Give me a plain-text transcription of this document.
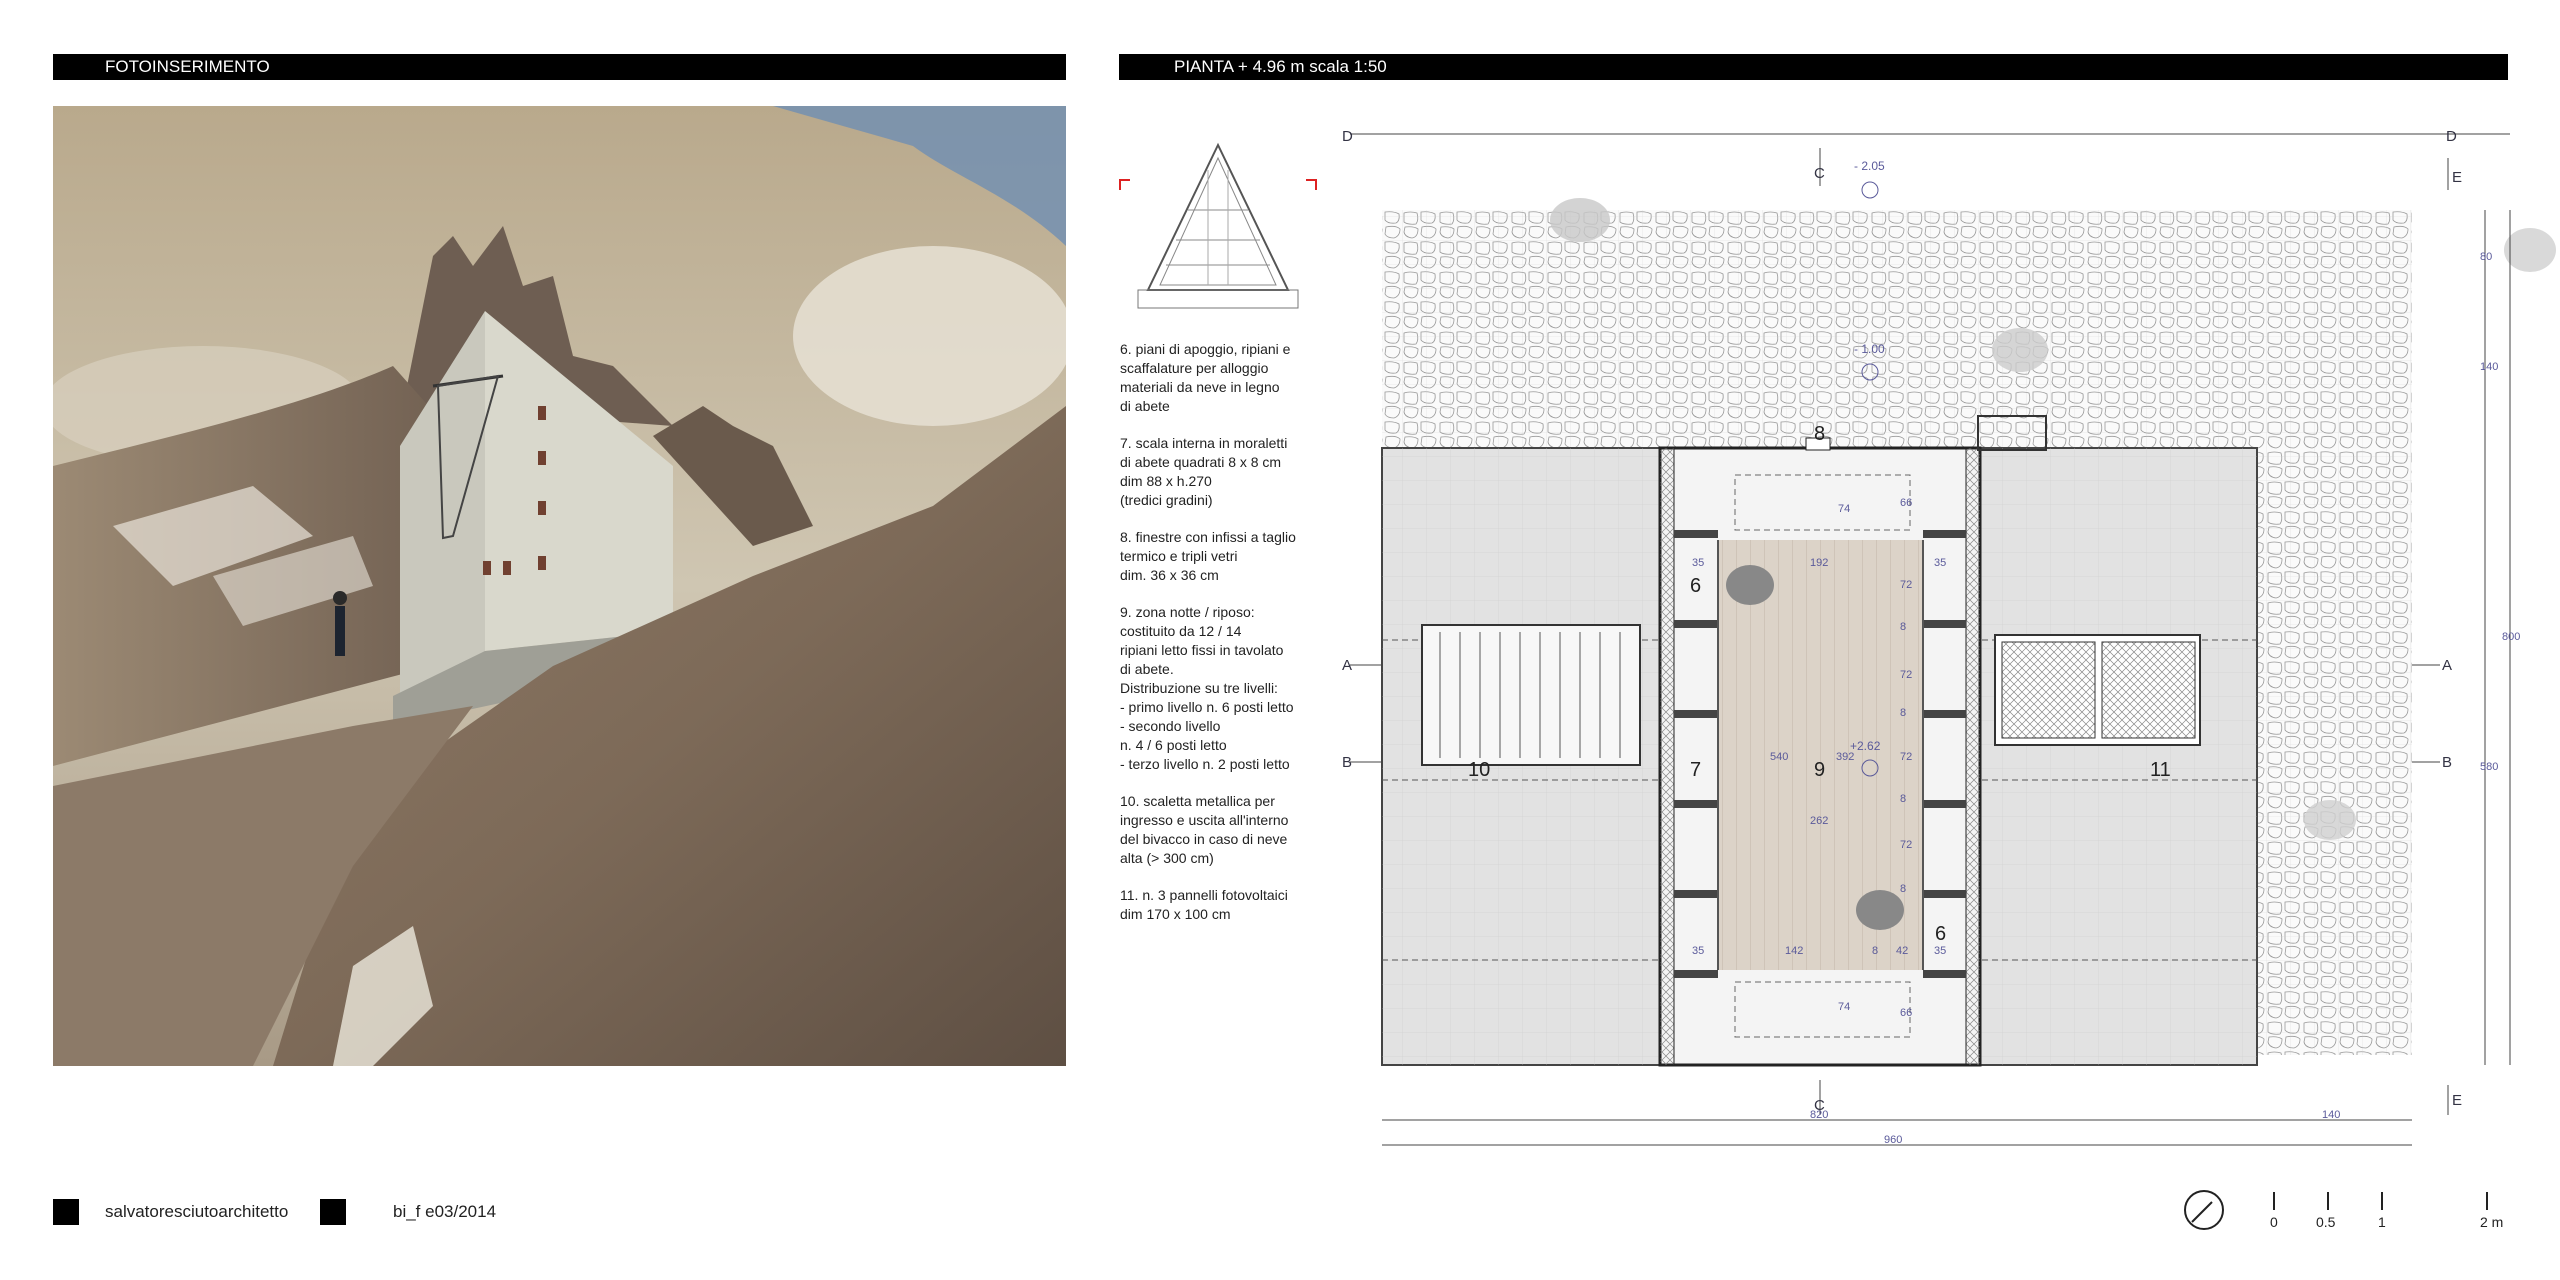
FOTOINSERIMENTO	PIANTA + 4.96 m scala 1:50
6. piani di apoggio, ripiani e
scaffalature per alloggio
materiali da neve in legno
di abete
7. scala interna in moraletti
di abete quadrati 8 x 8 cm
dim 88 x h.270
(tredici gradini)
8. finestre con infissi a taglio
termico e tripli vetri
dim. 36 x 36 cm
9. zona notte / riposo:
costituito da 12 / 14
ripiani letto fissi in tavolato
di abete.
Distribuzione su tre livelli:
- primo livello n. 6 posti letto
- secondo livello
n. 4 / 6 posti letto
- terzo livello n. 2 posti letto
10. scaletta metallica per
ingresso e uscita all'interno
del bivacco in caso di neve
alta (> 300 cm)
11. n. 3 pannelli fotovoltaici
dim 170 x 100 cm
D	D
C
C
E
E
A	A
B	B
- 2.05
- 1.00
+2.62
8
6
6
7	9
10	11
35	192	35
74	66
72
8
72
8
72
8
72
8
540	392
262
35	142	8 42 35
74	66
80
140
800
580
820	140
960
salvatoresciutoarchitetto	bi_f e03/2014
0	0.5	1	2 m
